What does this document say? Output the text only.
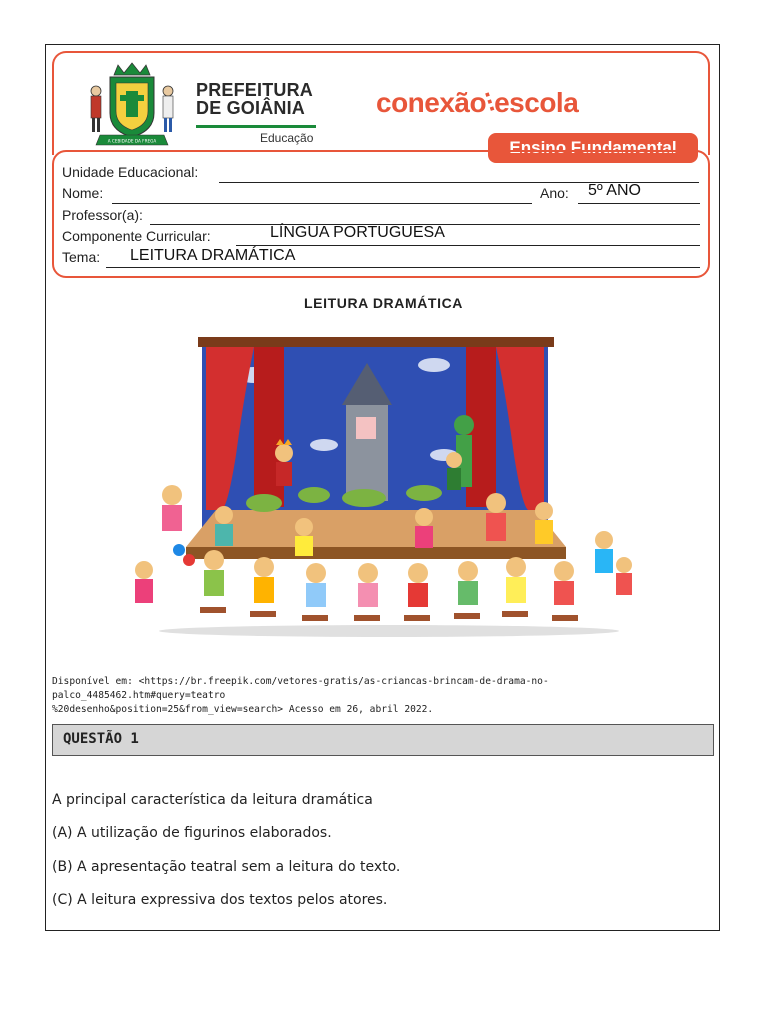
A CEBIDADE DA FREGA
PREFEITURA
DE GOIÂNIA
Educação
conexão⫶escola
Ensino Fundamental
Unidade Educacional:
Nome:	Ano: 5º ANO
Professor(a):
Componente Curricular:	LÍNGUA PORTUGUESA
Tema: LEITURA DRAMÁTICA
LEITURA DRAMÁTICA
Disponível em: <https://br.freepik.com/vetores-gratis/as-criancas-brincam-de-drama-no-palco_4485462.htm#query=teatro
%20desenho&position=25&from_view=search> Acesso em 26, abril 2022.
QUESTÃO 1
A principal característica da leitura dramática
(A) A utilização de figurinos elaborados.
(B) A apresentação teatral sem a leitura do texto.
(C) A leitura expressiva dos textos pelos atores.
